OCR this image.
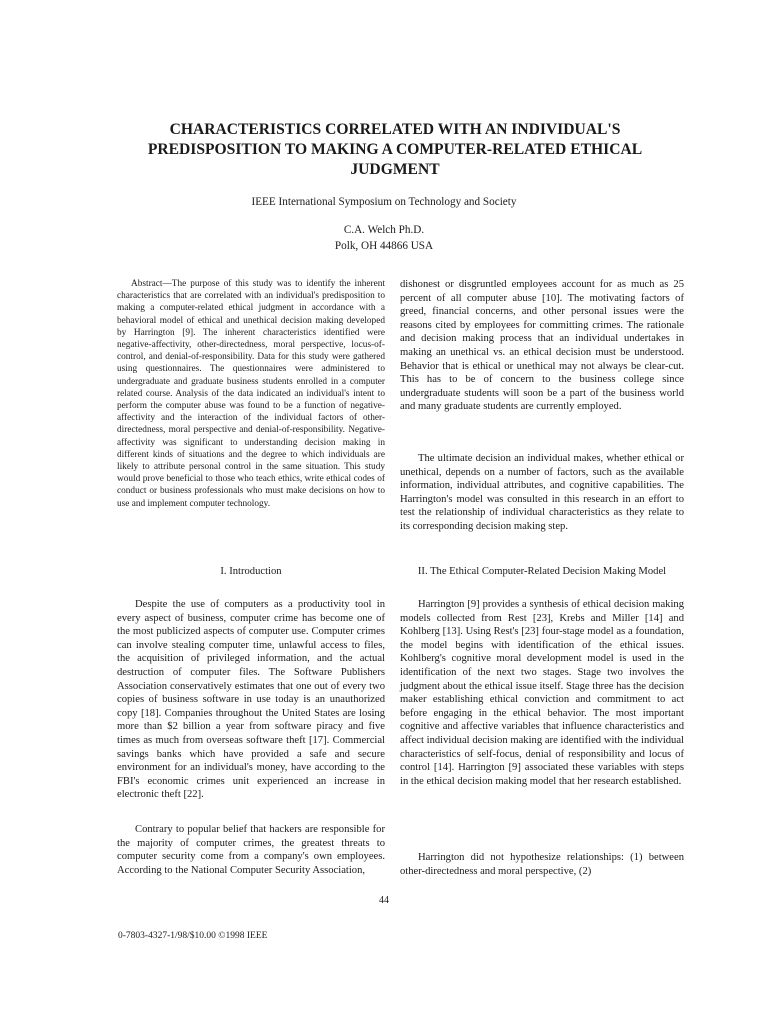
CHARACTERISTICS CORRELATED WITH AN INDIVIDUAL'S
PREDISPOSITION TO MAKING A COMPUTER-RELATED ETHICAL
JUDGMENT
IEEE International Symposium on Technology and Society
C.A. Welch Ph.D.
Polk, OH 44866 USA

Abstract—The purpose of this study was to identify the inherent characteristics that are correlated with an individual's predisposition to making a computer-related ethical judgment in accordance with a behavioral model of ethical and unethical decision making developed by Harrington [9]. The inherent characteristics identified were negative-affectivity, other-directedness, moral perspective, locus-of-control, and denial-of-responsibility. Data for this study were gathered using questionnaires. The questionnaires were administered to undergraduate and graduate business students enrolled in a computer related course. Analysis of the data indicated an individual's intent to perform the computer abuse was found to be a function of negative-affectivity and the interaction of the individual factors of other-directedness, moral perspective and denial-of-responsibility. Negative-affectivity was significant to understanding decision making in different kinds of situations and the degree to which individuals are likely to attribute personal control in the same situation. This study would prove beneficial to those who teach ethics, write ethical codes of conduct or business professionals who must make decisions on how to use and implement computer technology.

I. Introduction

Despite the use of computers as a productivity tool in every aspect of business, computer crime has become one of the most publicized aspects of computer use. Computer crimes can involve stealing computer time, unlawful access to files, the acquisition of privileged information, and the actual destruction of computer files. The Software Publishers Association conservatively estimates that one out of every two copies of business software in use today is an unauthorized copy [18]. Companies throughout the United States are losing more than $2 billion a year from software piracy and five times as much from overseas software theft [17]. Commercial savings banks which have provided a safe and secure environment for an individual's money, have according to the FBI's economic crimes unit experienced an increase in electronic theft [22].

Contrary to popular belief that hackers are responsible for the majority of computer crimes, the greatest threats to computer security come from a company's own employees. According to the National Computer Security Association,

dishonest or disgruntled employees account for as much as 25 percent of all computer abuse [10]. The motivating factors of greed, financial concerns, and other personal issues were the reasons cited by employees for committing crimes. The rationale and decision making process that an individual undertakes in making an unethical vs. an ethical decision must be understood. Behavior that is ethical or unethical may not always be clear-cut. This has to be of concern to the business college since undergraduate students will soon be a part of the business world and many graduate students are currently employed.

The ultimate decision an individual makes, whether ethical or unethical, depends on a number of factors, such as the available information, individual attributes, and cognitive capabilities. The Harrington's model was consulted in this research in an effort to test the relationship of individual characteristics as they relate to its corresponding decision making step.

II. The Ethical Computer-Related Decision Making Model

Harrington [9] provides a synthesis of ethical decision making models collected from Rest [23], Krebs and Miller [14] and Kohlberg [13]. Using Rest's [23] four-stage model as a foundation, the model begins with identification of the ethical issues. Kohlberg's cognitive moral development model is used in the identification of the next two stages. Stage two involves the judgment about the ethical issue itself. Stage three has the decision maker establishing ethical conviction and commitment to act before engaging in the ethical behavior. The most important cognitive and affective variables that influence characteristics and affect individual decision making are identified with the individual characteristics of self-focus, denial of responsibility and locus of control [14]. Harrington [9] associated these variables with steps in the ethical decision making model that her research established.

Harrington did not hypothesize relationships: (1) between other-directedness and moral perspective, (2)

44
0-7803-4327-1/98/$10.00 ©1998 IEEE
